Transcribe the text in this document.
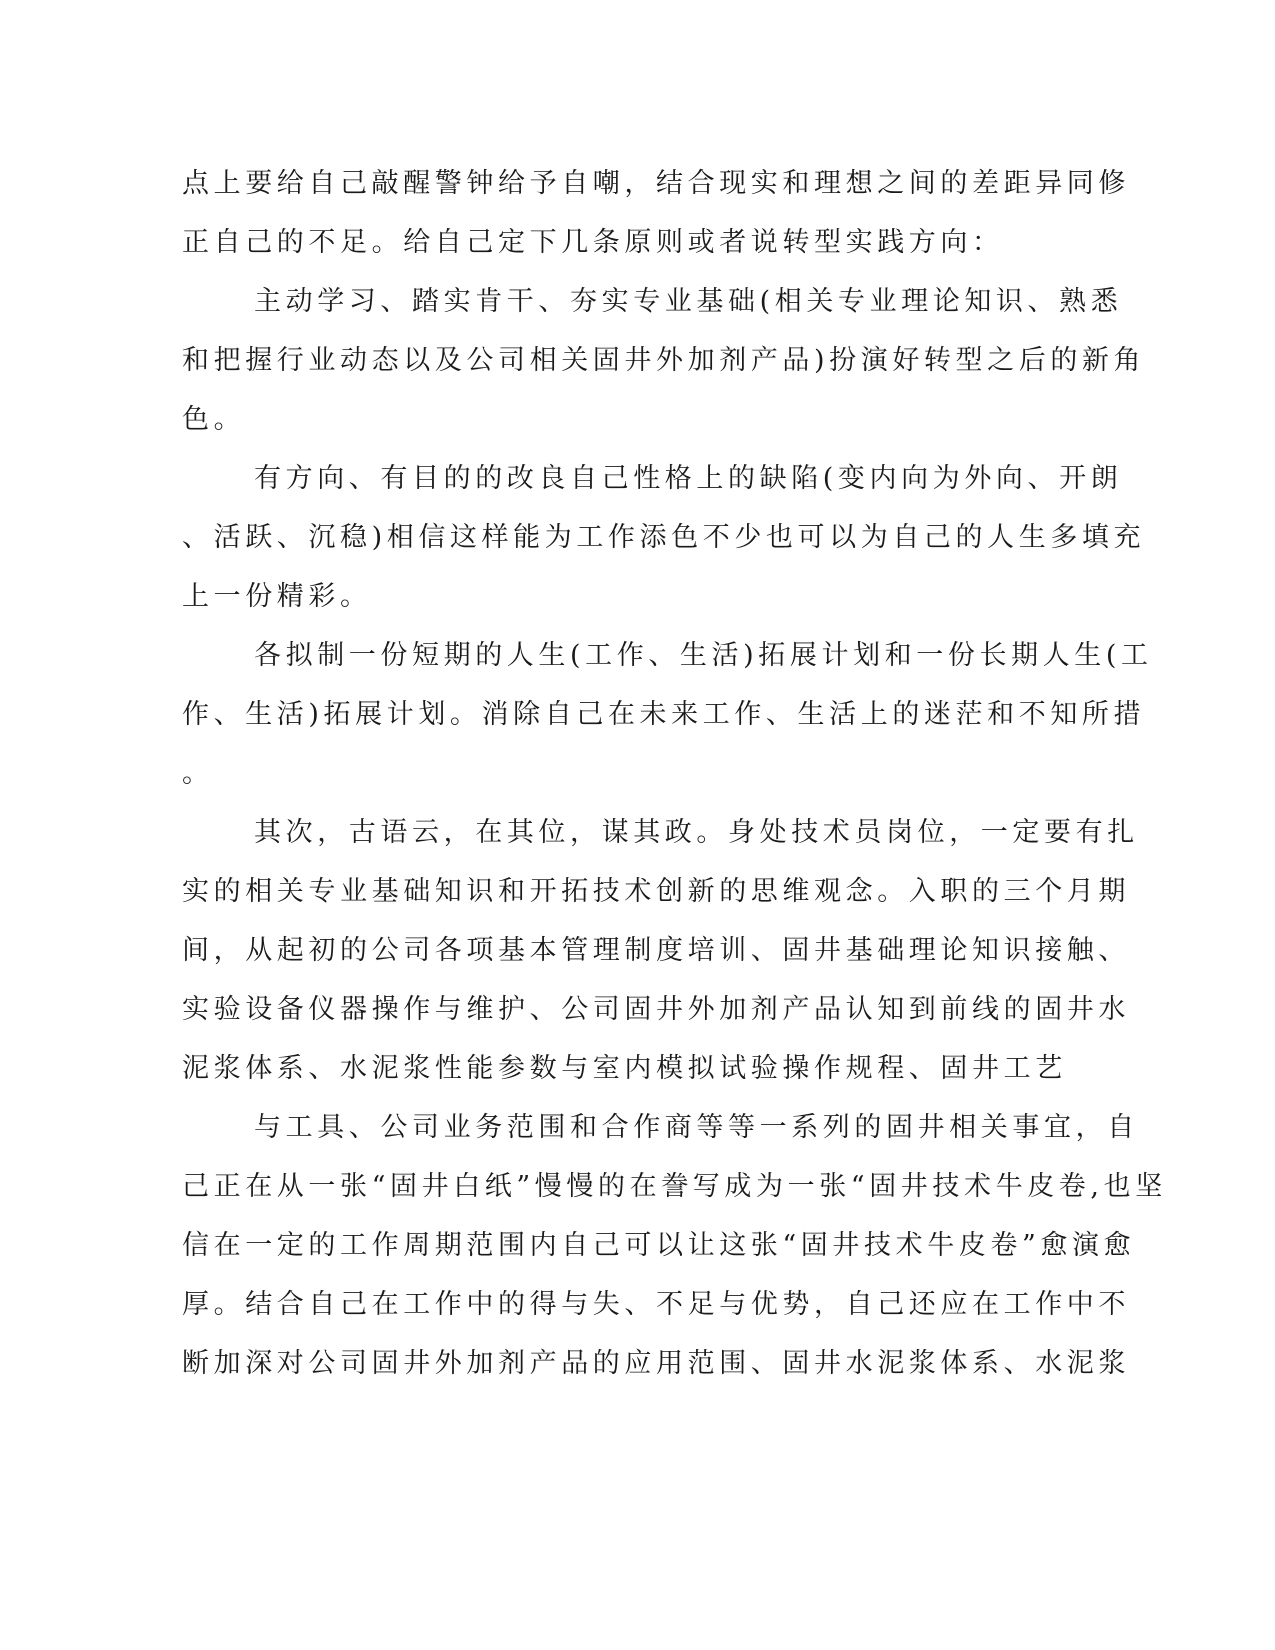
点上要给自己敲醒警钟给予自嘲，结合现实和理想之间的差距异同修
正自己的不足。给自己定下几条原则或者说转型实践方向：
主动学习、踏实肯干、夯实专业基础(相关专业理论知识、熟悉
和把握行业动态以及公司相关固井外加剂产品)扮演好转型之后的新角
色。
有方向、有目的的改良自己性格上的缺陷(变内向为外向、开朗
、活跃、沉稳)相信这样能为工作添色不少也可以为自己的人生多填充
上一份精彩。
各拟制一份短期的人生(工作、生活)拓展计划和一份长期人生(工
作、生活)拓展计划。消除自己在未来工作、生活上的迷茫和不知所措
。
其次，古语云，在其位，谋其政。身处技术员岗位，一定要有扎
实的相关专业基础知识和开拓技术创新的思维观念。入职的三个月期
间，从起初的公司各项基本管理制度培训、固井基础理论知识接触、
实验设备仪器操作与维护、公司固井外加剂产品认知到前线的固井水
泥浆体系、水泥浆性能参数与室内模拟试验操作规程、固井工艺
与工具、公司业务范围和合作商等等一系列的固井相关事宜，自
己正在从一张“固井白纸”慢慢的在誊写成为一张“固井技术牛皮卷,也坚
信在一定的工作周期范围内自己可以让这张“固井技术牛皮卷”愈演愈
厚。结合自己在工作中的得与失、不足与优势，自己还应在工作中不
断加深对公司固井外加剂产品的应用范围、固井水泥浆体系、水泥浆
